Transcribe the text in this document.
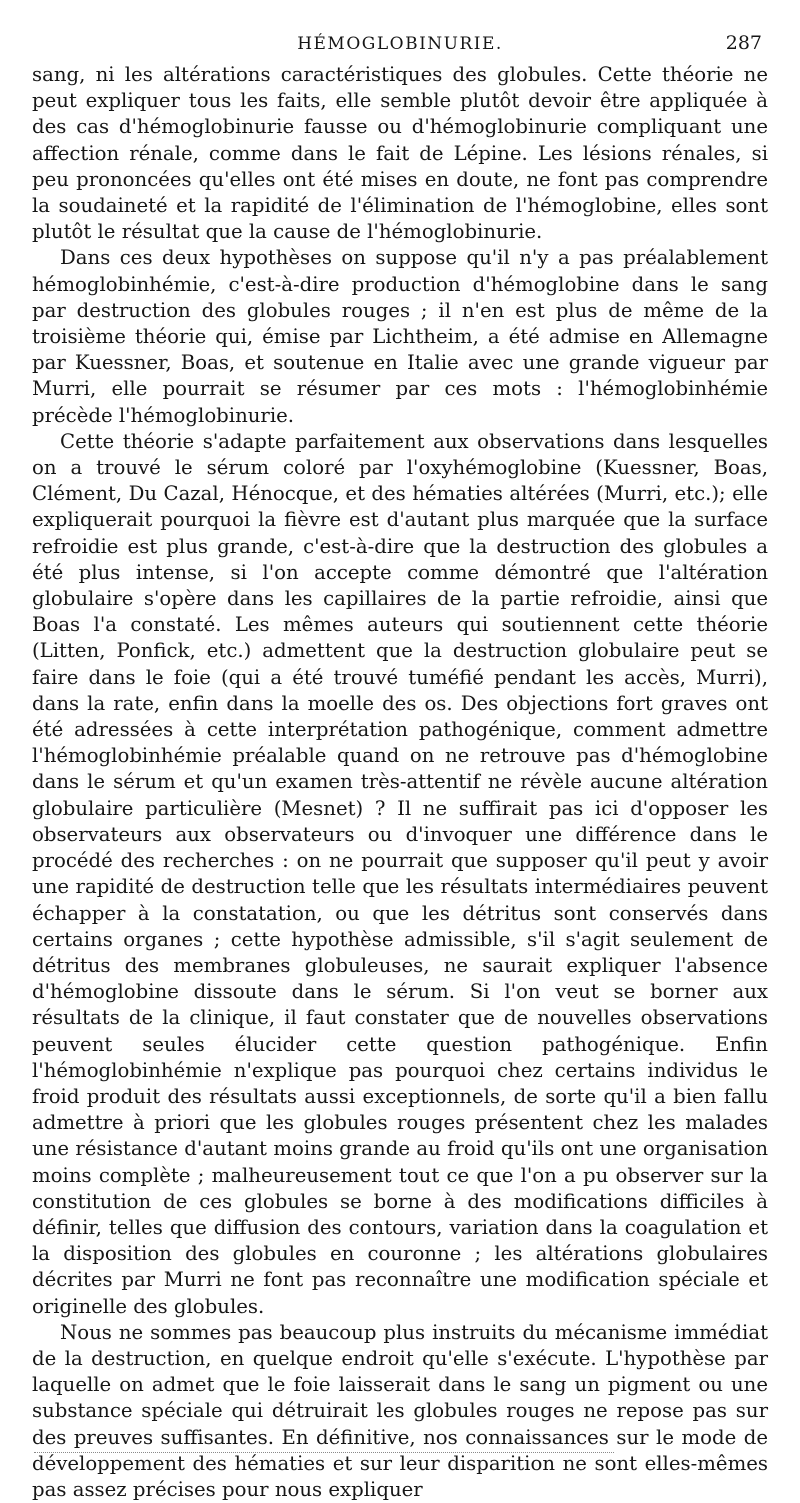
HÉMOGLOBINURIE.	287

sang, ni les altérations caractéristiques des globules. Cette théorie ne peut expliquer tous les faits, elle semble plutôt devoir être appliquée à des cas d'hémoglobinurie fausse ou d'hémoglobinurie compliquant une affection rénale, comme dans le fait de Lépine. Les lésions rénales, si peu prononcées qu'elles ont été mises en doute, ne font pas comprendre la soudaineté et la rapidité de l'élimination de l'hémoglobine, elles sont plutôt le résultat que la cause de l'hémoglobinurie.

Dans ces deux hypothèses on suppose qu'il n'y a pas préalablement hémoglobinhémie, c'est-à-dire production d'hémoglobine dans le sang par destruction des globules rouges ; il n'en est plus de même de la troisième théorie qui, émise par Lichtheim, a été admise en Allemagne par Kuessner, Boas, et soutenue en Italie avec une grande vigueur par Murri, elle pourrait se résumer par ces mots : l'hémoglobinhémie précède l'hémoglobinurie.

Cette théorie s'adapte parfaitement aux observations dans lesquelles on a trouvé le sérum coloré par l'oxyhémoglobine (Kuessner, Boas, Clément, Du Cazal, Hénocque, et des hématies altérées (Murri, etc.); elle expliquerait pourquoi la fièvre est d'autant plus marquée que la surface refroidie est plus grande, c'est-à-dire que la destruction des globules a été plus intense, si l'on accepte comme démontré que l'altération globulaire s'opère dans les capillaires de la partie refroidie, ainsi que Boas l'a constaté. Les mêmes auteurs qui soutiennent cette théorie (Litten, Ponfick, etc.) admettent que la destruction globulaire peut se faire dans le foie (qui a été trouvé tuméfié pendant les accès, Murri), dans la rate, enfin dans la moelle des os. Des objections fort graves ont été adressées à cette interprétation pathogénique, comment admettre l'hémoglobinhémie préalable quand on ne retrouve pas d'hémoglobine dans le sérum et qu'un examen très-attentif ne révèle aucune altération globulaire particulière (Mesnet) ? Il ne suffirait pas ici d'opposer les observateurs aux observateurs ou d'invoquer une différence dans le procédé des recherches : on ne pourrait que supposer qu'il peut y avoir une rapidité de destruction telle que les résultats intermédiaires peuvent échapper à la constatation, ou que les détritus sont conservés dans certains organes ; cette hypothèse admissible, s'il s'agit seulement de détritus des membranes globuleuses, ne saurait expliquer l'absence d'hémoglobine dissoute dans le sérum. Si l'on veut se borner aux résultats de la clinique, il faut constater que de nouvelles observations peuvent seules élucider cette question pathogénique. Enfin l'hémoglobinhémie n'explique pas pourquoi chez certains individus le froid produit des résultats aussi exceptionnels, de sorte qu'il a bien fallu admettre à priori que les globules rouges présentent chez les malades une résistance d'autant moins grande au froid qu'ils ont une organisation moins complète ; malheureusement tout ce que l'on a pu observer sur la constitution de ces globules se borne à des modifications difficiles à définir, telles que diffusion des contours, variation dans la coagulation et la disposition des globules en couronne ; les altérations globulaires décrites par Murri ne font pas reconnaître une modification spéciale et originelle des globules.

Nous ne sommes pas beaucoup plus instruits du mécanisme immédiat de la destruction, en quelque endroit qu'elle s'exécute. L'hypothèse par laquelle on admet que le foie laisserait dans le sang un pigment ou une substance spéciale qui détruirait les globules rouges ne repose pas sur des preuves suffisantes. En définitive, nos connaissances sur le mode de développement des hématies et sur leur disparition ne sont elles-mêmes pas assez précises pour nous expliquer
